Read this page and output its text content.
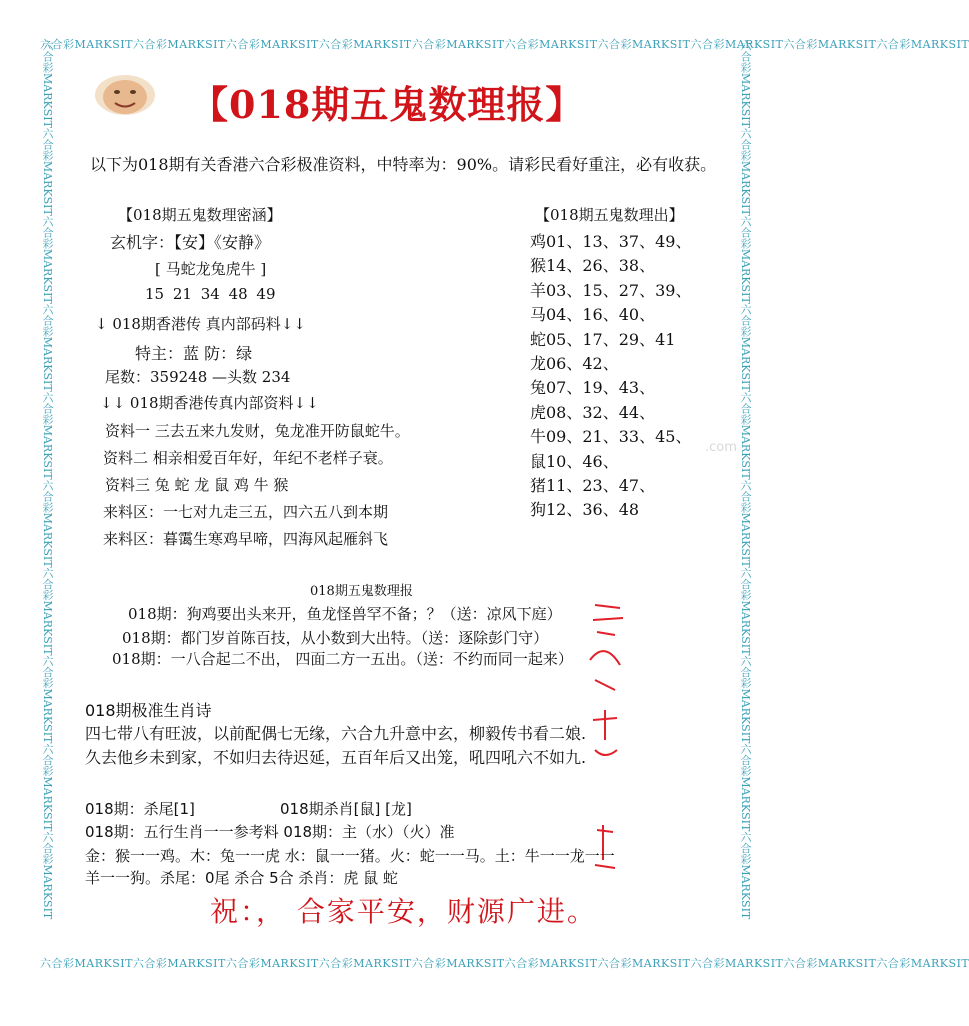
六合彩MARKSIT六合彩MARKSIT六合彩MARKSIT六合彩MARKSIT六合彩MARKSIT六合彩MARKSIT六合彩MARKSIT六合彩MARKSIT六合彩MARKSIT六合彩MARKSIT
六合彩MARKSIT六合彩MARKSIT六合彩MARKSIT六合彩MARKSIT六合彩MARKSIT六合彩MARKSIT六合彩MARKSIT六合彩MARKSIT六合彩MARKSIT六合彩MARKSIT
六合彩MARKSIT六合彩MARKSIT六合彩MARKSIT六合彩MARKSIT六合彩MARKSIT六合彩MARKSIT六合彩MARKSIT六合彩MARKSIT六合彩MARKSIT六合彩MARKSIT	六合彩MARKSIT六合彩MARKSIT六合彩MARKSIT六合彩MARKSIT六合彩MARKSIT六合彩MARKSIT六合彩MARKSIT六合彩MARKSIT六合彩MARKSIT六合彩MARKSIT
.com
【018期五鬼数理报】
以下为018期有关香港六合彩极准资料，中特率为：90%。请彩民看好重注，必有收获。
【018期五鬼数理密涵】
玄机字：【安】《安静》
[ 马蛇龙兔虎牛 ]
15 21 34 48 49
↓ 018期香港传 真内部码料↓↓
特主：蓝 防：绿
尾数：359248 —头数 234
↓↓ 018期香港传真内部资料↓↓
资料一 三去五来九发财，兔龙准开防鼠蛇牛。
资料二 相亲相爱百年好，年纪不老样子衰。
资料三 兔 蛇 龙 鼠 鸡 牛 猴
来料区：一七对九走三五，四六五八到本期
来料区：暮霭生寒鸡早啼，四海风起雁斜飞
【018期五鬼数理出】
鸡01、13、37、49、
猴14、26、38、
羊03、15、27、39、
马04、16、40、
蛇05、17、29、41
龙06、42、
兔07、19、43、
虎08、32、44、
牛09、21、33、45、
鼠10、46、
猪11、23、47、
狗12、36、48
018期五鬼数理报
018期：狗鸡要出头来开，鱼龙怪兽罕不备；？（送：凉风下庭）
018期：都门岁首陈百技，从小数到大出特。（送：逐除彭门守）
018期：一八合起二不出， 四面二方一五出。（送：不约而同一起来）
018期极准生肖诗
四七带八有旺波，以前配偶七无缘，六合九升意中玄，柳毅传书看二娘.
久去他乡未到家，不如归去待迟延，五百年后又出笼，吼四吼六不如九.
018期：杀尾[1]	018期杀肖[鼠] [龙]
018期：五行生肖一一参考料 018期：主（水）（火）准
金：猴一一鸡。木：兔一一虎 水：鼠一一猪。火：蛇一一马。土：牛一一龙一一
羊一一狗。杀尾：0尾 杀合 5合 杀肖：虎 鼠 蛇
祝：， 合家平安，财源广进。
